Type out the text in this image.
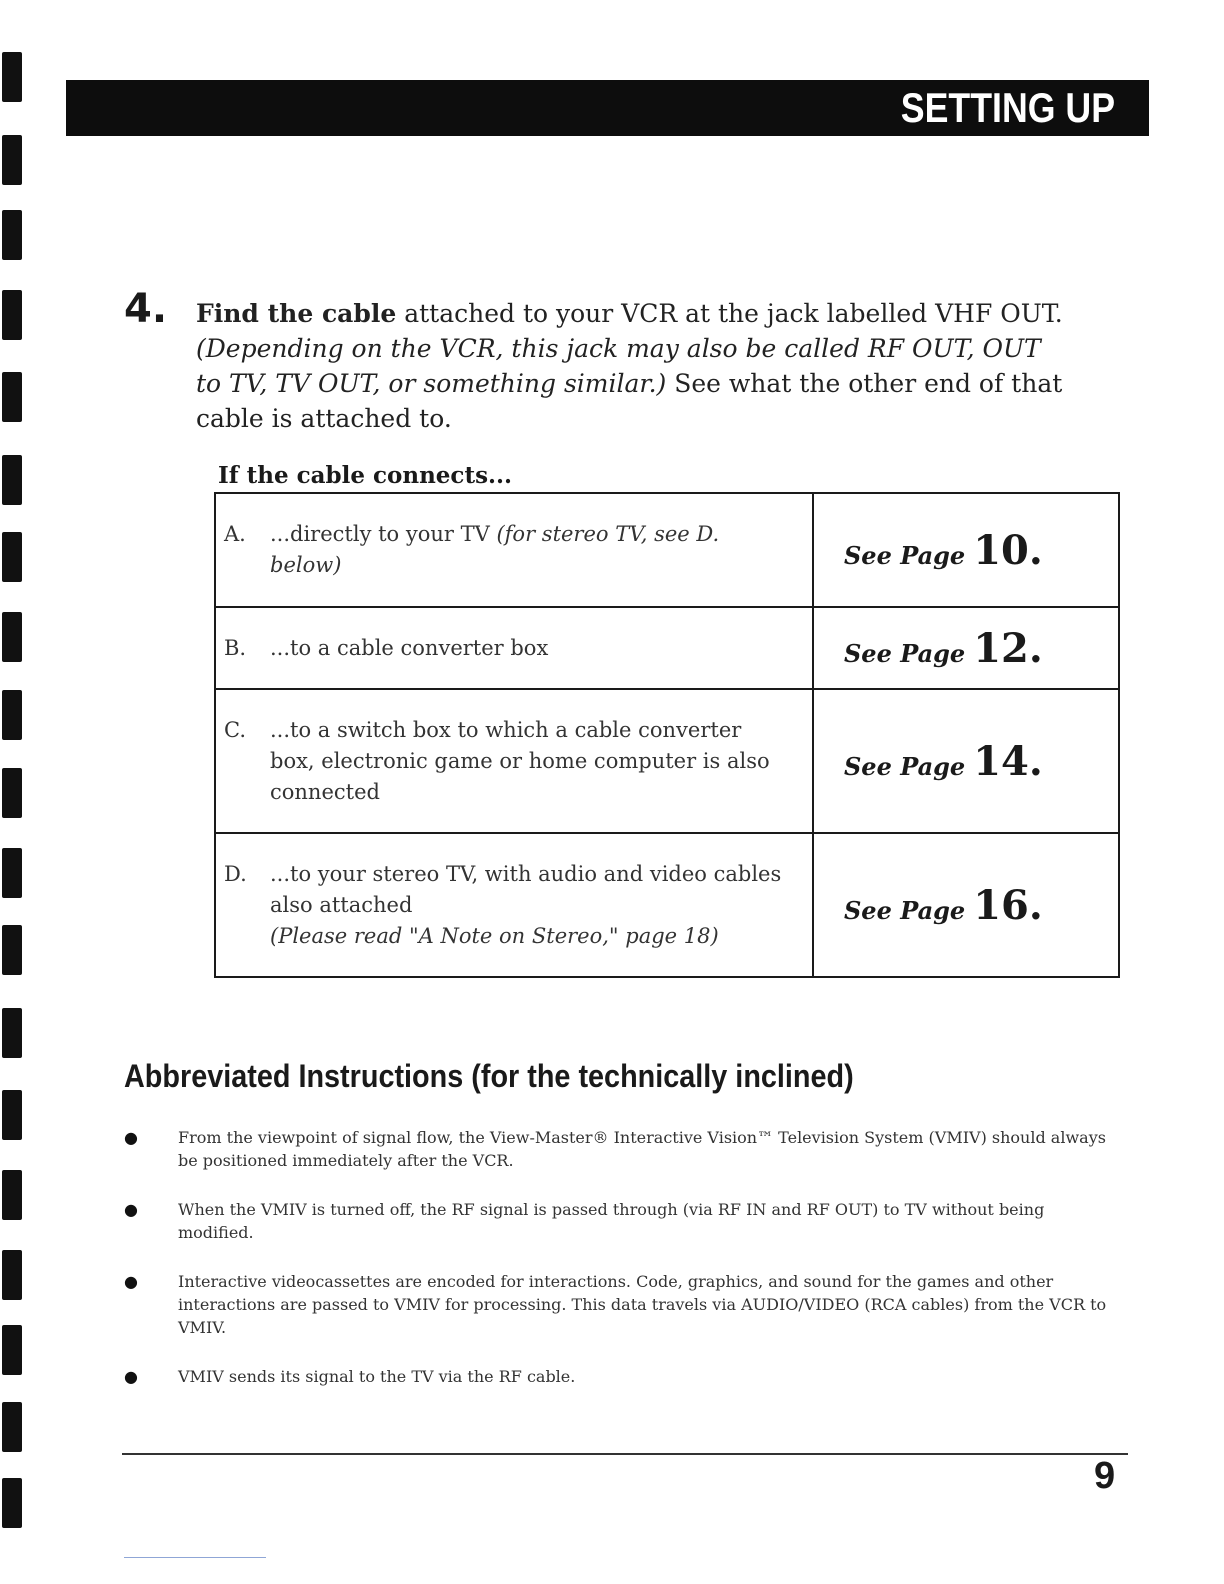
SETTING UP
4. Find the cable attached to your VCR at the jack labelled VHF OUT. (Depending on the VCR, this jack may also be called RF OUT, OUT to TV, TV OUT, or something similar.) See what the other end of that cable is attached to.
If the cable connects...
A. ...directly to your TV (for stereo TV, see D. below)	See Page 10.

B. ...to a cable converter box	See Page 12.

C. ...to a switch box to which a cable converter box, electronic game or home computer is also connected	See Page 14.

D. ...to your stereo TV, with audio and video cables also attached
(Please read "A Note on Stereo," page 18)	See Page 16.
Abbreviated Instructions (for the technically inclined)
●	From the viewpoint of signal flow, the View-Master® Interactive Vision™ Television System (VMIV) should always be positioned immediately after the VCR.
●	When the VMIV is turned off, the RF signal is passed through (via RF IN and RF OUT) to TV without being modified.
●	Interactive videocassettes are encoded for interactions. Code, graphics, and sound for the games and other interactions are passed to VMIV for processing. This data travels via AUDIO/VIDEO (RCA cables) from the VCR to VMIV.
●	VMIV sends its signal to the TV via the RF cable.
9
